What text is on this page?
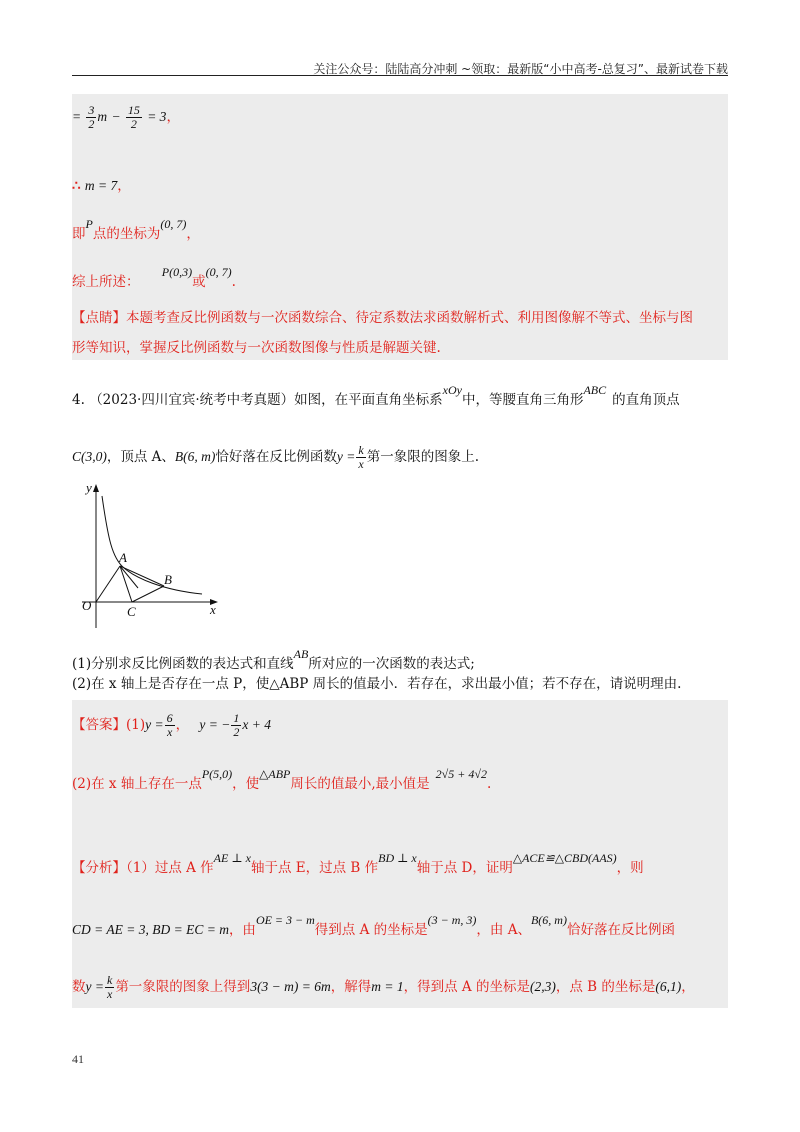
关注公众号：陆陆高分冲刺 ~领取：最新版“小中高考-总复习”、最新试卷下载
= $\frac{3}{2}$ $m - \frac{15}{2} = 3$，
∴ m = 7，
即P点的坐标为(0, 7)，
综上所述： P(0,3)或(0, 7).
【点睛】本题考查反比例函数与一次函数综合、待定系数法求函数解析式、利用图像解不等式、坐标与图
形等知识，掌握反比例函数与一次函数图像与性质是解题关键.
4. （2023·四川宜宾·统考中考真题）如图，在平面直角坐标系xOy中，等腰直角三角形ABC的直角顶点
C(3,0)，顶点 A、B(6, m)恰好落在反比例函数$y = \frac{k}{x}$ 第一象限的图象上.
y
x
O
A
B
C
(1)分别求反比例函数的表达式和直线AB所对应的一次函数的表达式;
(2)在 x 轴上是否存在一点 P，使△ABP 周长的值最小．若存在，求出最小值；若不存在，请说明理由.
【答案】$(1)y = \frac{6}{x}$ ， y = − $\frac{1}{2}$ x + 4
(2)在 x 轴上存在一点P(5,0)，使△ABP周长的值最小,最小值是2√5 + 4√2.
【分析】（1）过点 A 作AE ⊥ x轴于点 E，过点 B 作BD ⊥ x轴于点 D，证明△ACE≌△CBD(AAS)，则
CD = AE = 3, BD = EC = m，由OE = 3 − m得到点 A 的坐标是(3 − m, 3)，由 A、B(6, m)恰好落在反比例函
数$y = \frac{k}{x}$ 第一象限的图象上得到3(3 − m) = 6m，解得m = 1，得到点 A 的坐标是(2,3)，点 B 的坐标是(6,1)，
41
